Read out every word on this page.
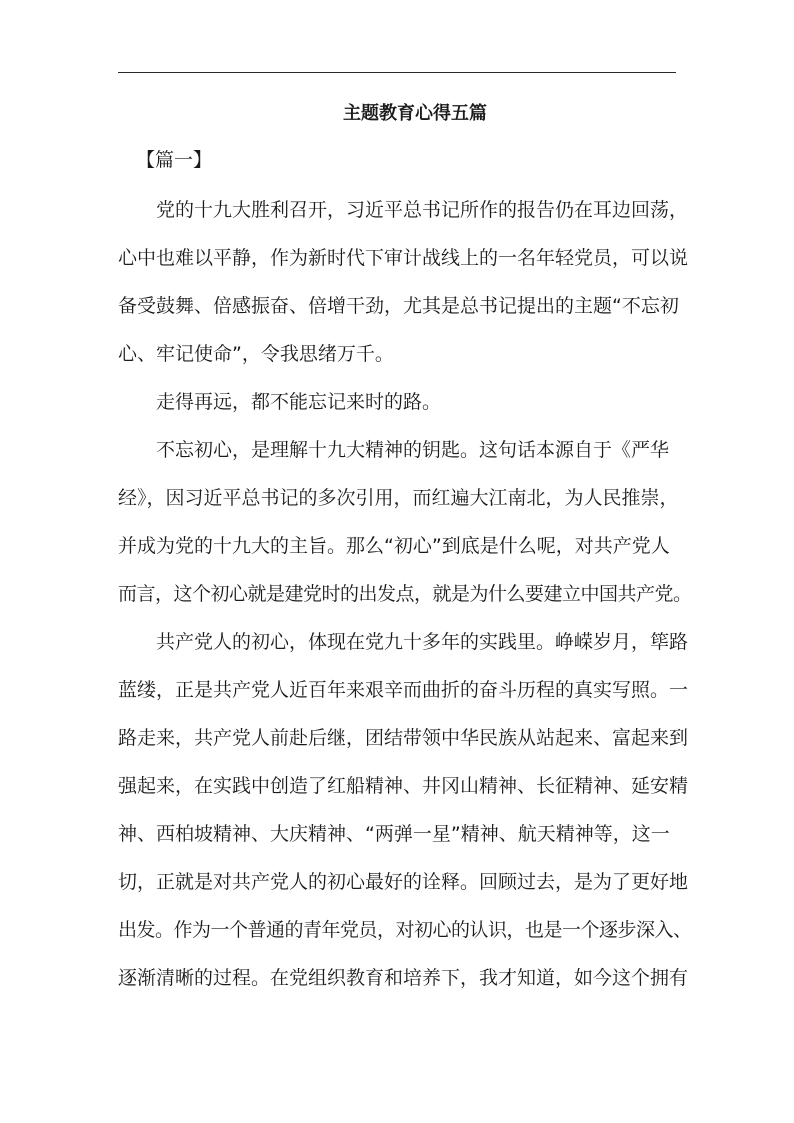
主题教育心得五篇
【篇一】
党的十九大胜利召开，习近平总书记所作的报告仍在耳边回荡，
心中也难以平静，作为新时代下审计战线上的一名年轻党员，可以说
备受鼓舞、倍感振奋、倍增干劲，尤其是总书记提出的主题“不忘初
心、牢记使命”，令我思绪万千。
走得再远，都不能忘记来时的路。
不忘初心，是理解十九大精神的钥匙。这句话本源自于《严华
经》，因习近平总书记的多次引用，而红遍大江南北，为人民推崇，
并成为党的十九大的主旨。那么“初心”到底是什么呢，对共产党人
而言，这个初心就是建党时的出发点，就是为什么要建立中国共产党。
共产党人的初心，体现在党九十多年的实践里。峥嵘岁月，筚路
蓝缕，正是共产党人近百年来艰辛而曲折的奋斗历程的真实写照。一
路走来，共产党人前赴后继，团结带领中华民族从站起来、富起来到
强起来，在实践中创造了红船精神、井冈山精神、长征精神、延安精
神、西柏坡精神、大庆精神、“两弹一星”精神、航天精神等，这一
切，正就是对共产党人的初心最好的诠释。回顾过去，是为了更好地
出发。作为一个普通的青年党员，对初心的认识，也是一个逐步深入、
逐渐清晰的过程。在党组织教育和培养下，我才知道，如今这个拥有
